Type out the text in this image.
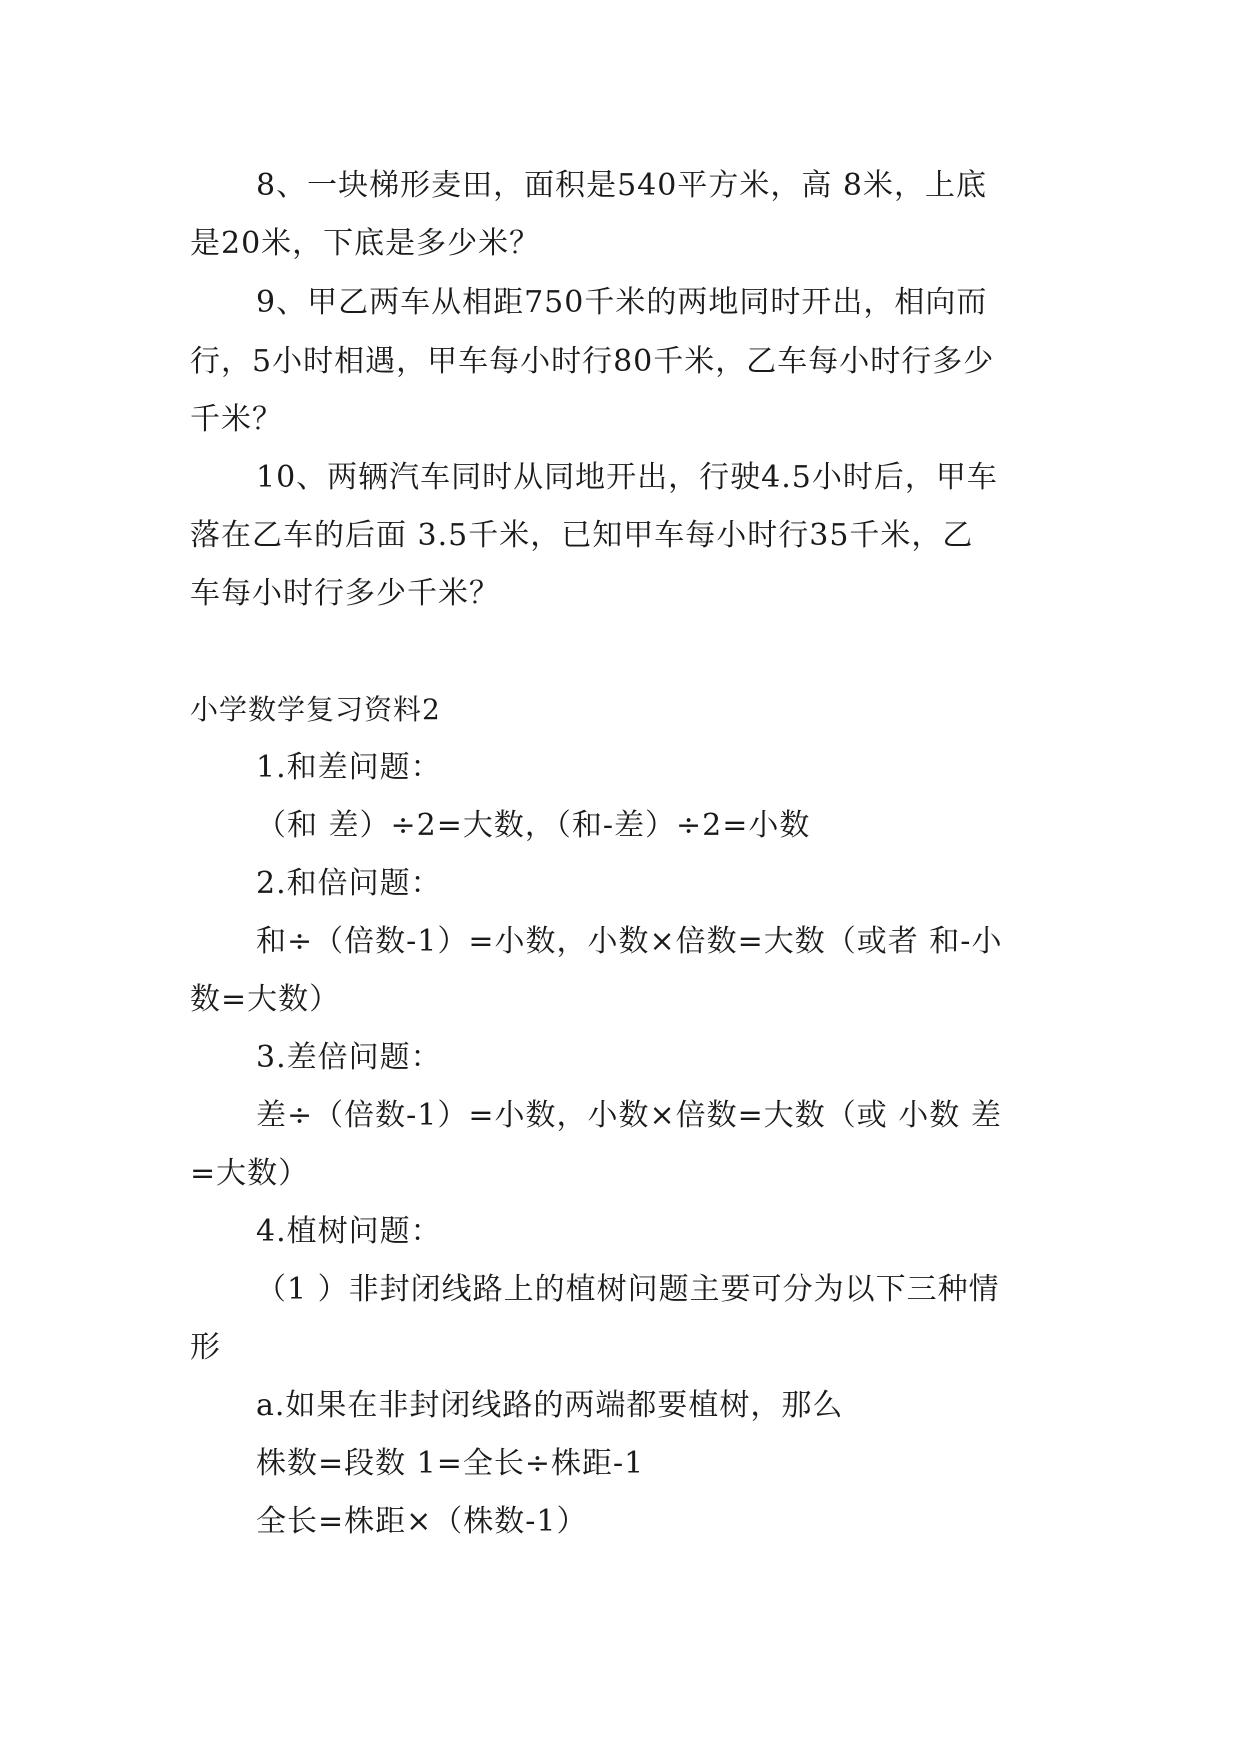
8、一块梯形麦田，面积是540平方米，高 8米，上底
是20米，下底是多少米？
9、甲乙两车从相距750千米的两地同时开出，相向而
行，5小时相遇，甲车每小时行80千米，乙车每小时行多少
千米？
10、两辆汽车同时从同地开出，行驶4.5小时后，甲车
落在乙车的后面 3.5千米，已知甲车每小时行35千米，乙
车每小时行多少千米？
小学数学复习资料2
1.和差问题：
（和 差）÷2=大数，（和-差）÷2=小数
2.和倍问题：
和÷（倍数-1）=小数，小数×倍数=大数（或者 和-小
数=大数）
3.差倍问题：
差÷（倍数-1）=小数，小数×倍数=大数（或 小数 差
=大数）
4.植树问题：
（1 ）非封闭线路上的植树问题主要可分为以下三种情
形
a.如果在非封闭线路的两端都要植树，那么
株数=段数 1=全长÷株距-1
全长=株距×（株数-1）
